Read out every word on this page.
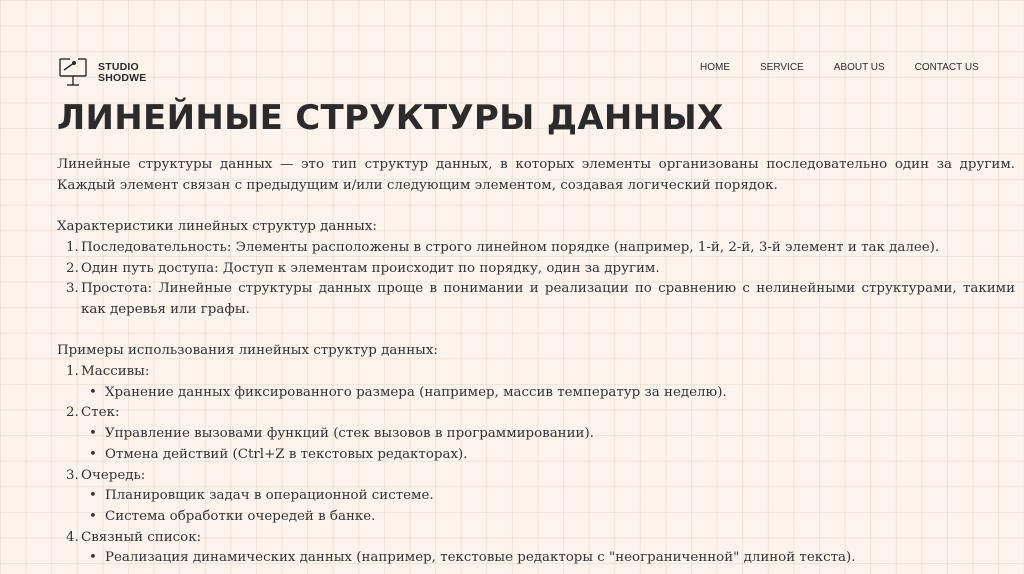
STUDIO
SHODWE
HOME	SERVICE	ABOUT US	CONTACT US
ЛИНЕЙНЫЕ СТРУКТУРЫ ДАННЫХ

Линейные структуры данных — это тип структур данных, в которых элементы организованы последовательно один за другим. Каждый элемент связан с предыдущим и/или следующим элементом, создавая логический порядок.

Характеристики линейных структур данных:

1. Последовательность: Элементы расположены в строго линейном порядке (например, 1-й, 2-й, 3-й элемент и так далее).
2. Один путь доступа: Доступ к элементам происходит по порядку, один за другим.
3. Простота: Линейные структуры данных проще в понимании и реализации по сравнению с нелинейными структурами, такими как деревья или графы.

Примеры использования линейных структур данных:

1. Массивы:
• Хранение данных фиксированного размера (например, массив температур за неделю).
2. Стек:
• Управление вызовами функций (стек вызовов в программировании).
• Отмена действий (Ctrl+Z в текстовых редакторах).
3. Очередь:
• Планировщик задач в операционной системе.
• Система обработки очередей в банке.
4. Связный список:
• Реализация динамических данных (например, текстовые редакторы с "неограниченной" длиной текста).
